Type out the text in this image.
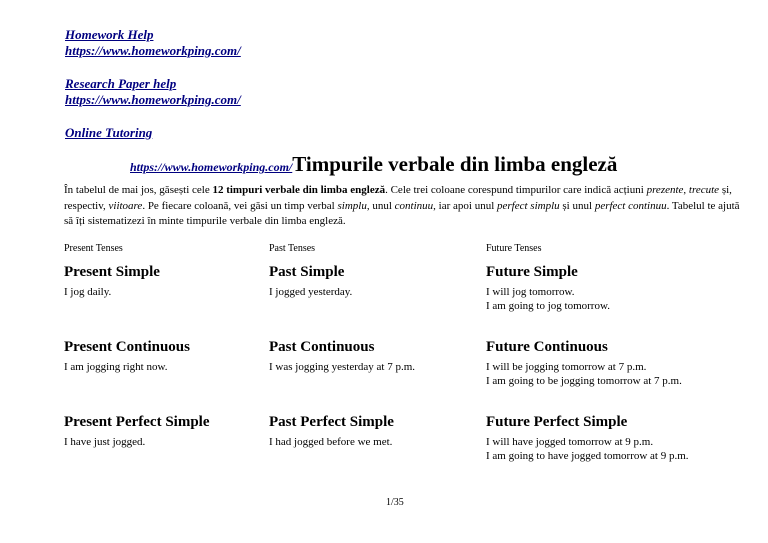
Homework Help
https://www.homeworkping.com/
Research Paper help
https://www.homeworkping.com/
Online Tutoring
https://www.homeworkping.com/Timpurile verbale din limba engleză
În tabelul de mai jos, găsești cele 12 timpuri verbale din limba engleză. Cele trei coloane corespund timpurilor care indică acțiuni prezente, trecute și, respectiv, viitoare. Pe fiecare coloană, vei găsi un timp verbal simplu, unul continuu, iar apoi unul perfect simplu și unul perfect continuu. Tabelul te ajută să îți sistematizezi în minte timpurile verbale din limba engleză.
Present Tenses
Present Simple
I jog daily.
Present Continuous
I am jogging right now.
Present Perfect Simple
I have just jogged.
Past Tenses
Past Simple
I jogged yesterday.
Past Continuous
I was jogging yesterday at 7 p.m.
Past Perfect Simple
I had jogged before we met.
Future Tenses
Future Simple
I will jog tomorrow.
I am going to jog tomorrow.
Future Continuous
I will be jogging tomorrow at 7 p.m.
I am going to be jogging tomorrow at 7 p.m.
Future Perfect Simple
I will have jogged tomorrow at 9 p.m.
I am going to have jogged tomorrow at 9 p.m.
1/35
